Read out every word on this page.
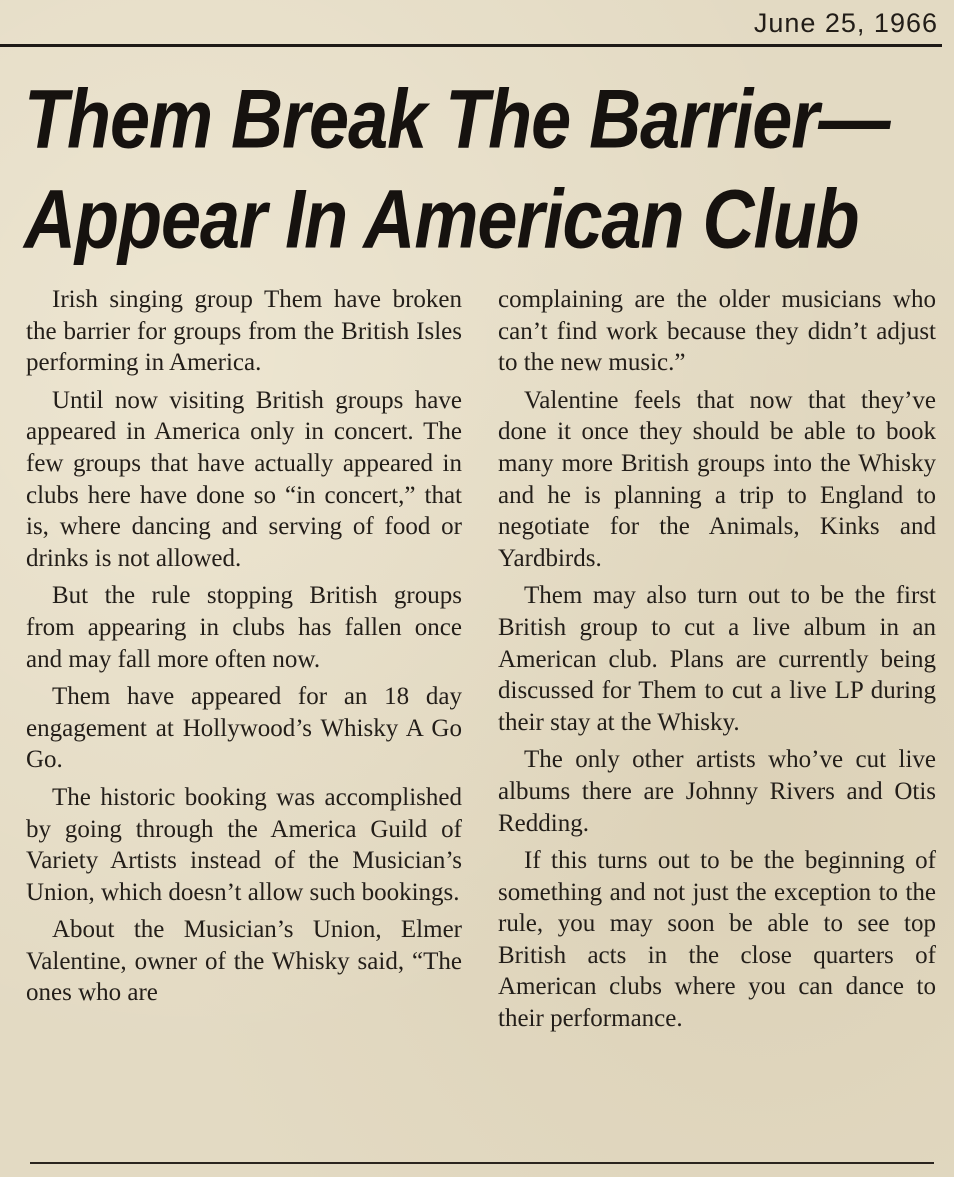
June 25, 1966
Them Break The Barrier—
Appear In American Club

Irish singing group Them have broken the barrier for groups from the British Isles performing in America.

Until now visiting British groups have appeared in America only in concert. The few groups that have actually appeared in clubs here have done so “in concert,” that is, where dancing and serving of food or drinks is not allowed.

But the rule stopping British groups from appearing in clubs has fallen once and may fall more often now.

Them have appeared for an 18 day engagement at Hollywood’s Whisky A Go Go.

The historic booking was accomplished by going through the America Guild of Variety Artists instead of the Musician’s Union, which doesn’t allow such bookings.

About the Musician’s Union, Elmer Valentine, owner of the Whisky said, “The ones who are

complaining are the older musicians who can’t find work because they didn’t adjust to the new music.”

Valentine feels that now that they’ve done it once they should be able to book many more British groups into the Whisky and he is planning a trip to England to negotiate for the Animals, Kinks and Yardbirds.

Them may also turn out to be the first British group to cut a live album in an American club. Plans are currently being discussed for Them to cut a live LP during their stay at the Whisky.

The only other artists who’ve cut live albums there are Johnny Rivers and Otis Redding.

If this turns out to be the beginning of something and not just the exception to the rule, you may soon be able to see top British acts in the close quarters of American clubs where you can dance to their performance.
